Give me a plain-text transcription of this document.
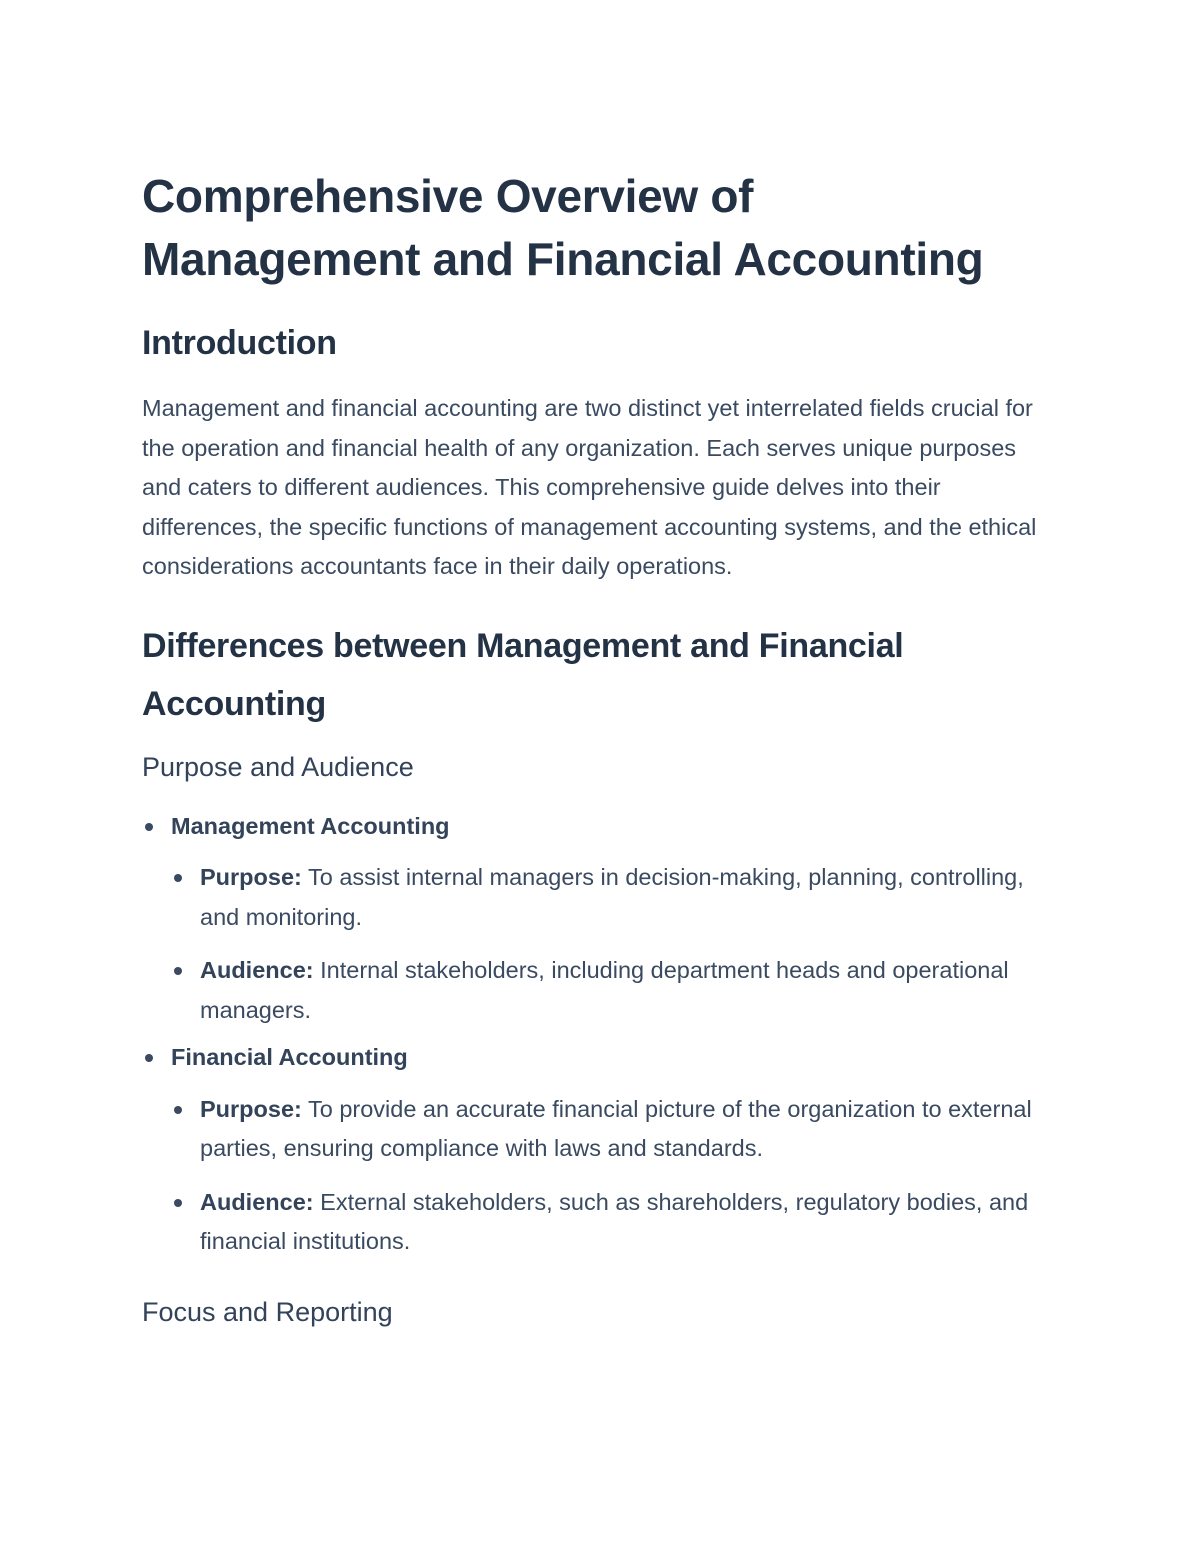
Comprehensive Overview of
Management and Financial Accounting
Introduction

Management and financial accounting are two distinct yet interrelated fields crucial for the operation and financial health of any organization. Each serves unique purposes and caters to different audiences. This comprehensive guide delves into their differences, the specific functions of management accounting systems, and the ethical considerations accountants face in their daily operations.

Differences between Management and Financial Accounting
Purpose and Audience
Management Accounting
Purpose: To assist internal managers in decision-making, planning, controlling, and monitoring.
Audience: Internal stakeholders, including department heads and operational managers.
Financial Accounting
Purpose: To provide an accurate financial picture of the organization to external parties, ensuring compliance with laws and standards.
Audience: External stakeholders, such as shareholders, regulatory bodies, and financial institutions.
Focus and Reporting
